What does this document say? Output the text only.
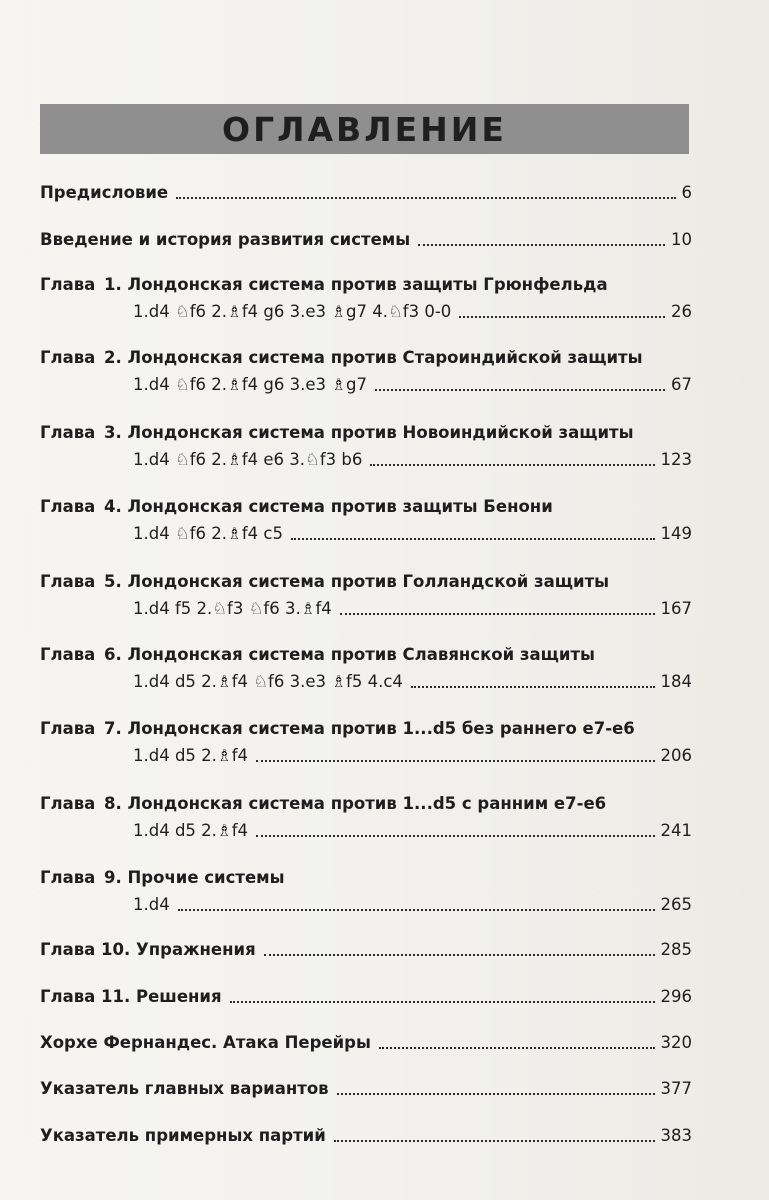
ОГЛАВЛЕНИЕ
Предисловие	6
Введение и история развития системы	10
Глава 1. Лондонская система против защиты Грюнфельда
1.d4 ♘f6 2.♗f4 g6 3.e3 ♗g7 4.♘f3 0-0	26
Глава 2. Лондонская система против Староиндийской защиты
1.d4 ♘f6 2.♗f4 g6 3.e3 ♗g7	67
Глава 3. Лондонская система против Новоиндийской защиты
1.d4 ♘f6 2.♗f4 e6 3.♘f3 b6	123
Глава 4. Лондонская система против защиты Бенони
1.d4 ♘f6 2.♗f4 c5	149
Глава 5. Лондонская система против Голландской защиты
1.d4 f5 2.♘f3 ♘f6 3.♗f4	167
Глава 6. Лондонская система против Славянской защиты
1.d4 d5 2.♗f4 ♘f6 3.e3 ♗f5 4.c4	184
Глава 7. Лондонская система против 1...d5 без раннего e7-e6
1.d4 d5 2.♗f4	206
Глава 8. Лондонская система против 1...d5 с ранним e7-e6
1.d4 d5 2.♗f4	241
Глава 9. Прочие системы
1.d4	265
Глава 10. Упражнения	285
Глава 11. Решения	296
Хорхе Фернандес. Атака Перейры	320
Указатель главных вариантов	377
Указатель примерных партий	383
